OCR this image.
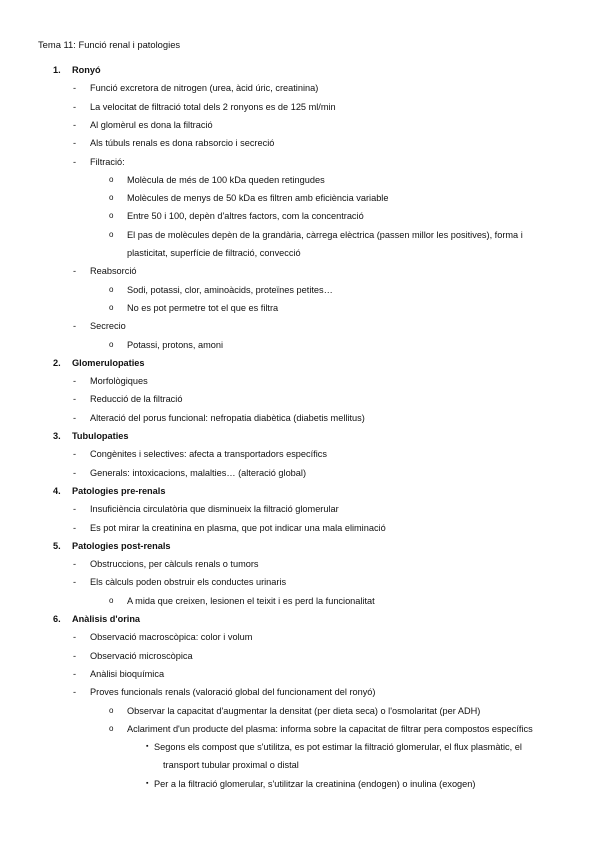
Tema 11: Funció renal i patologies
1. Ronyó
- Funció excretora de nitrogen (urea, àcid úric, creatinina)
- La velocitat de filtració total dels 2 ronyons es de 125 ml/min
- Al glomèrul es dona la filtració
- Als túbuls renals es dona rabsorcio i secreció
- Filtració:
o Molècula de més de 100 kDa queden retingudes
o Molècules de menys de 50 kDa es filtren amb eficiència variable
o Entre 50 i 100, depèn d'altres factors, com la concentració
o El pas de molècules depèn de la grandària, càrrega elèctrica (passen millor les positives), forma i
plasticitat, superfície de filtració, convecció
- Reabsorció
o Sodi, potassi, clor, aminoàcids, proteïnes petites…
o No es pot permetre tot el que es filtra
- Secrecio
o Potassi, protons, amoni
2. Glomerulopaties
- Morfològiques
- Reducció de la filtració
- Alteració del porus funcional: nefropatia diabètica (diabetis mellitus)
3. Tubulopaties
- Congènites i selectives: afecta a transportadors específics
- Generals: intoxicacions, malalties… (alteració global)
4. Patologies pre-renals
- Insuficiència circulatòria que disminueix la filtració glomerular
- Es pot mirar la creatinina en plasma, que pot indicar una mala eliminació
5. Patologies post-renals
- Obstruccions, per càlculs renals o tumors
- Els càlculs poden obstruir els conductes urinaris
o A mida que creixen, lesionen el teixit i es perd la funcionalitat
6. Anàlisis d'orina
- Observació macroscòpica: color i volum
- Observació microscòpica
- Anàlisi bioquímica
- Proves funcionals renals (valoració global del funcionament del ronyó)
o Observar la capacitat d'augmentar la densitat (per dieta seca) o l'osmolaritat (per ADH)
o Aclariment d'un producte del plasma: informa sobre la capacitat de filtrar pera compostos específics
▪ Segons els compost que s'utilitza, es pot estimar la filtració glomerular, el flux plasmàtic, el
transport tubular proximal o distal
▪ Per a la filtració glomerular, s'utilitzar la creatinina (endogen) o inulina (exogen)
